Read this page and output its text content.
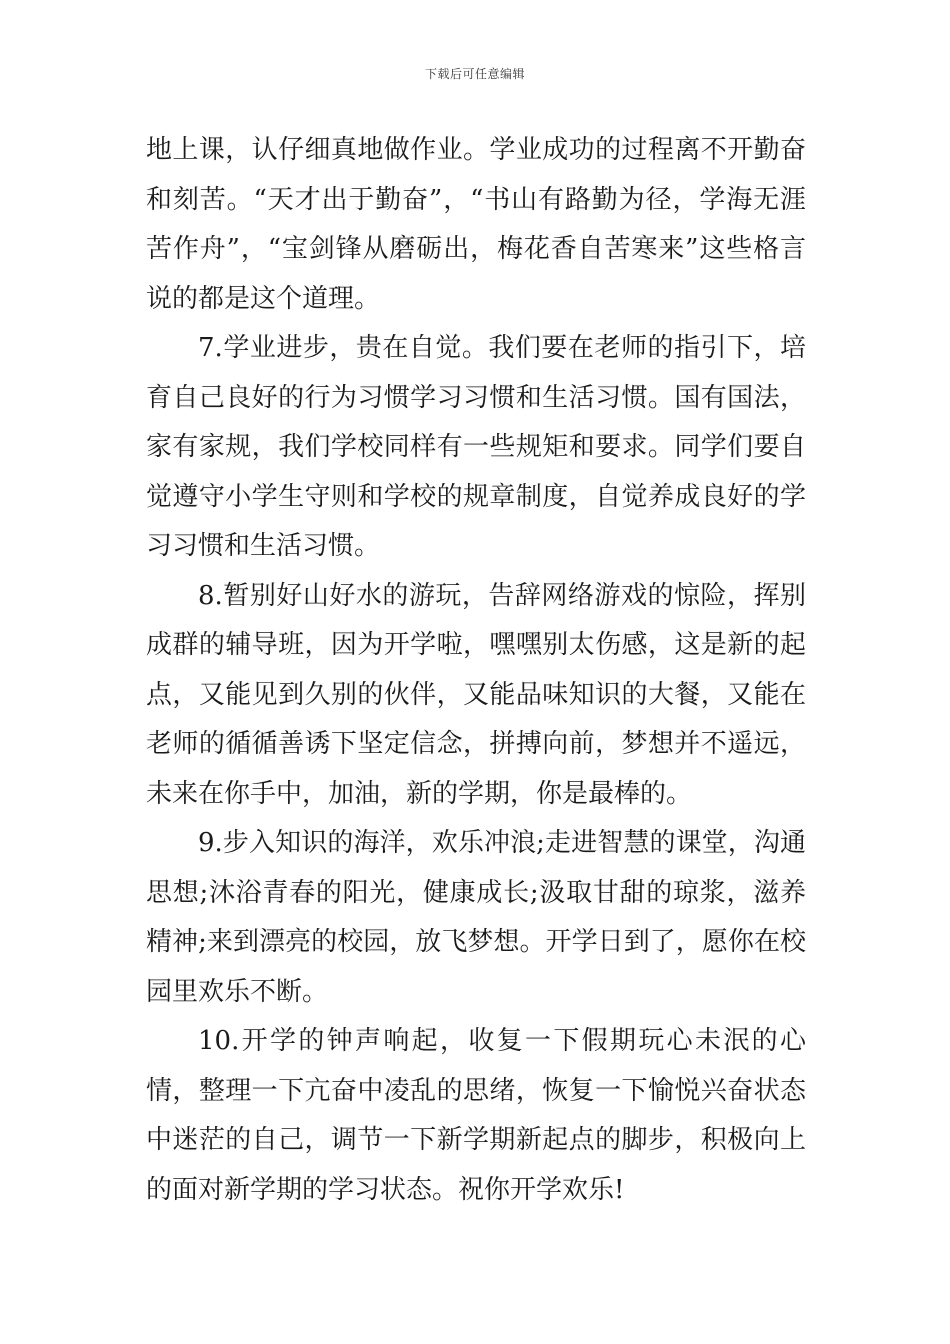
下载后可任意编辑

地上课，认仔细真地做作业。学业成功的过程离不开勤奋和刻苦。“天才出于勤奋”，“书山有路勤为径，学海无涯苦作舟”，“宝剑锋从磨砺出，梅花香自苦寒来”这些格言说的都是这个道理。

7.学业进步，贵在自觉。我们要在老师的指引下，培育自己良好的行为习惯学习习惯和生活习惯。国有国法，家有家规，我们学校同样有一些规矩和要求。同学们要自觉遵守小学生守则和学校的规章制度，自觉养成良好的学习习惯和生活习惯。

8.暂别好山好水的游玩，告辞网络游戏的惊险，挥别成群的辅导班，因为开学啦，嘿嘿别太伤感，这是新的起点，又能见到久别的伙伴，又能品味知识的大餐，又能在老师的循循善诱下坚定信念，拼搏向前，梦想并不遥远，未来在你手中，加油，新的学期，你是最棒的。

9.步入知识的海洋，欢乐冲浪;走进智慧的课堂，沟通思想;沐浴青春的阳光，健康成长;汲取甘甜的琼浆，滋养精神;来到漂亮的校园，放飞梦想。开学日到了，愿你在校园里欢乐不断。

10.开学的钟声响起，收复一下假期玩心未泯的心情，整理一下亢奋中凌乱的思绪，恢复一下愉悦兴奋状态中迷茫的自己，调节一下新学期新起点的脚步，积极向上的面对新学期的学习状态。祝你开学欢乐!
